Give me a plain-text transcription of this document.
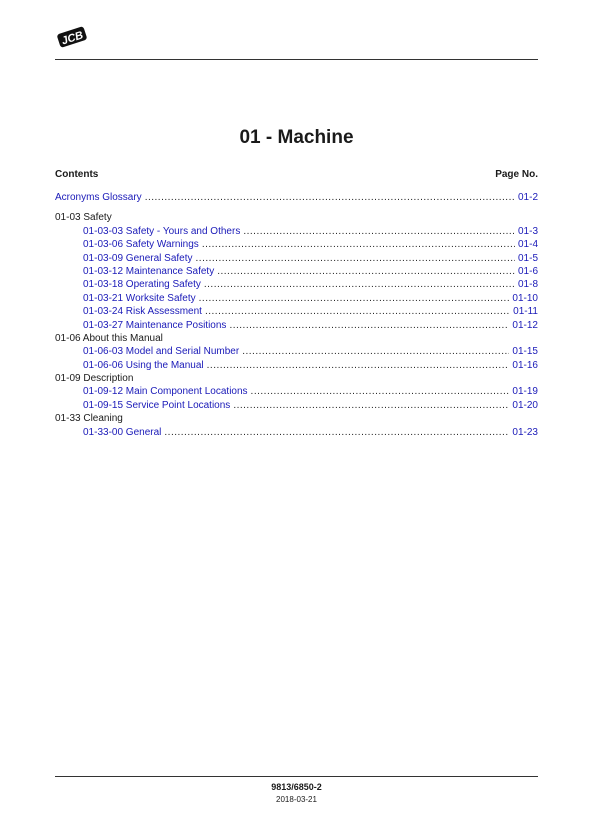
JCB
01 - Machine
Contents	Page No.
Acronyms Glossary .....	01-2
01-03 Safety
01-03-03 Safety - Yours and Others .....	01-3
01-03-06 Safety Warnings .....	01-4
01-03-09 General Safety .....	01-5
01-03-12 Maintenance Safety .....	01-6
01-03-18 Operating Safety .....	01-8
01-03-21 Worksite Safety .....	01-10
01-03-24 Risk Assessment .....	01-11
01-03-27 Maintenance Positions .....	01-12
01-06 About this Manual
01-06-03 Model and Serial Number .....	01-15
01-06-06 Using the Manual .....	01-16
01-09 Description
01-09-12 Main Component Locations .....	01-19
01-09-15 Service Point Locations .....	01-20
01-33 Cleaning
01-33-00 General .....	01-23
9813/6850-2
2018-03-21
